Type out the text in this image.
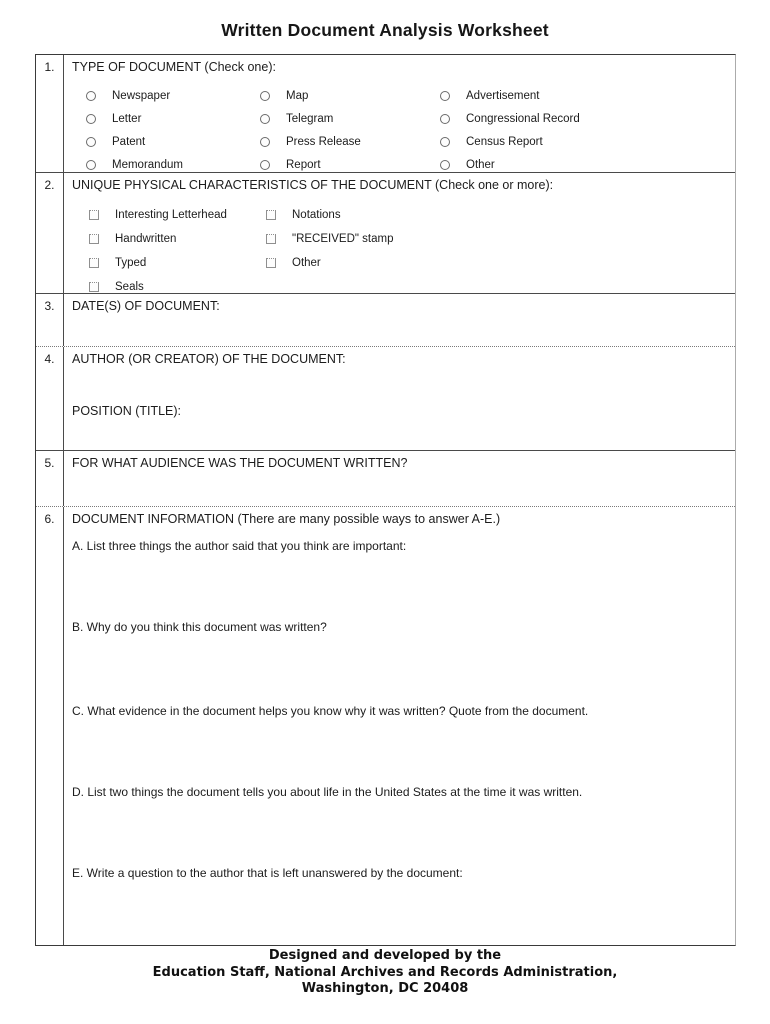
Written Document Analysis Worksheet
1.	TYPE OF DOCUMENT (Check one):
Newspaper
Letter
Patent
Memorandum
Map
Telegram
Press Release
Report
Advertisement
Congressional Record
Census Report
Other
2.	UNIQUE PHYSICAL CHARACTERISTICS OF THE DOCUMENT (Check one or more):
Interesting Letterhead
Handwritten
Typed
Seals
Notations
"RECEIVED" stamp
Other
3.	DATE(S) OF DOCUMENT:
4.	AUTHOR (OR CREATOR) OF THE DOCUMENT:
POSITION (TITLE):
5.	FOR WHAT AUDIENCE WAS THE DOCUMENT WRITTEN?
6.	DOCUMENT INFORMATION (There are many possible ways to answer A-E.)
A. List three things the author said that you think are important:
B. Why do you think this document was written?
C. What evidence in the document helps you know why it was written? Quote from the document.
D. List two things the document tells you about life in the United States at the time it was written.
E. Write a question to the author that is left unanswered by the document:
Designed and developed by the
Education Staff, National Archives and Records Administration,
Washington, DC 20408
